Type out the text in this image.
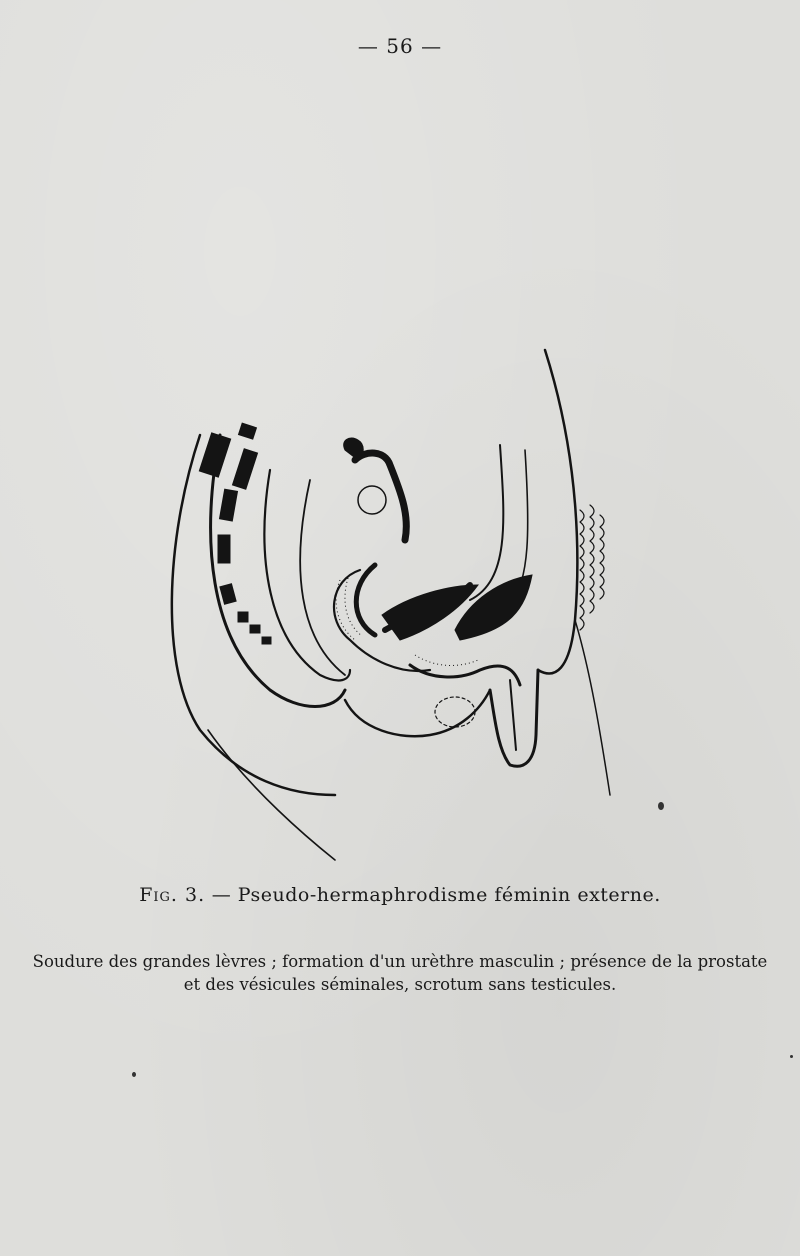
— 56 —
Fig. 3. — Pseudo-hermaphrodisme féminin externe.
Soudure des grandes lèvres ; formation d'un urèthre masculin ; présence de la prostate
et des vésicules séminales, scrotum sans testicules.
